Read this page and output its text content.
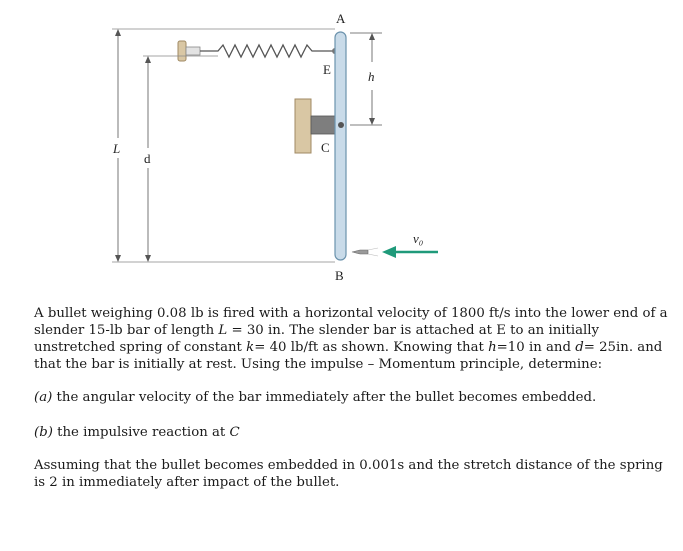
A
E	h
C
L
d
v₀
B

A bullet weighing 0.08 lb is fired with a horizontal velocity of 1800 ft/s into the lower end of a slender 15-lb bar of length L = 30 in. The slender bar is attached at E to an initially unstretched spring of constant k= 40 lb/ft as shown. Knowing that h=10 in and d= 25in. and that the bar is initially at rest. Using the impulse – Momentum principle, determine:

(a) the angular velocity of the bar immediately after the bullet becomes embedded.

(b) the impulsive reaction at C

Assuming that the bullet becomes embedded in 0.001s and the stretch distance of the spring is 2 in immediately after impact of the bullet.
